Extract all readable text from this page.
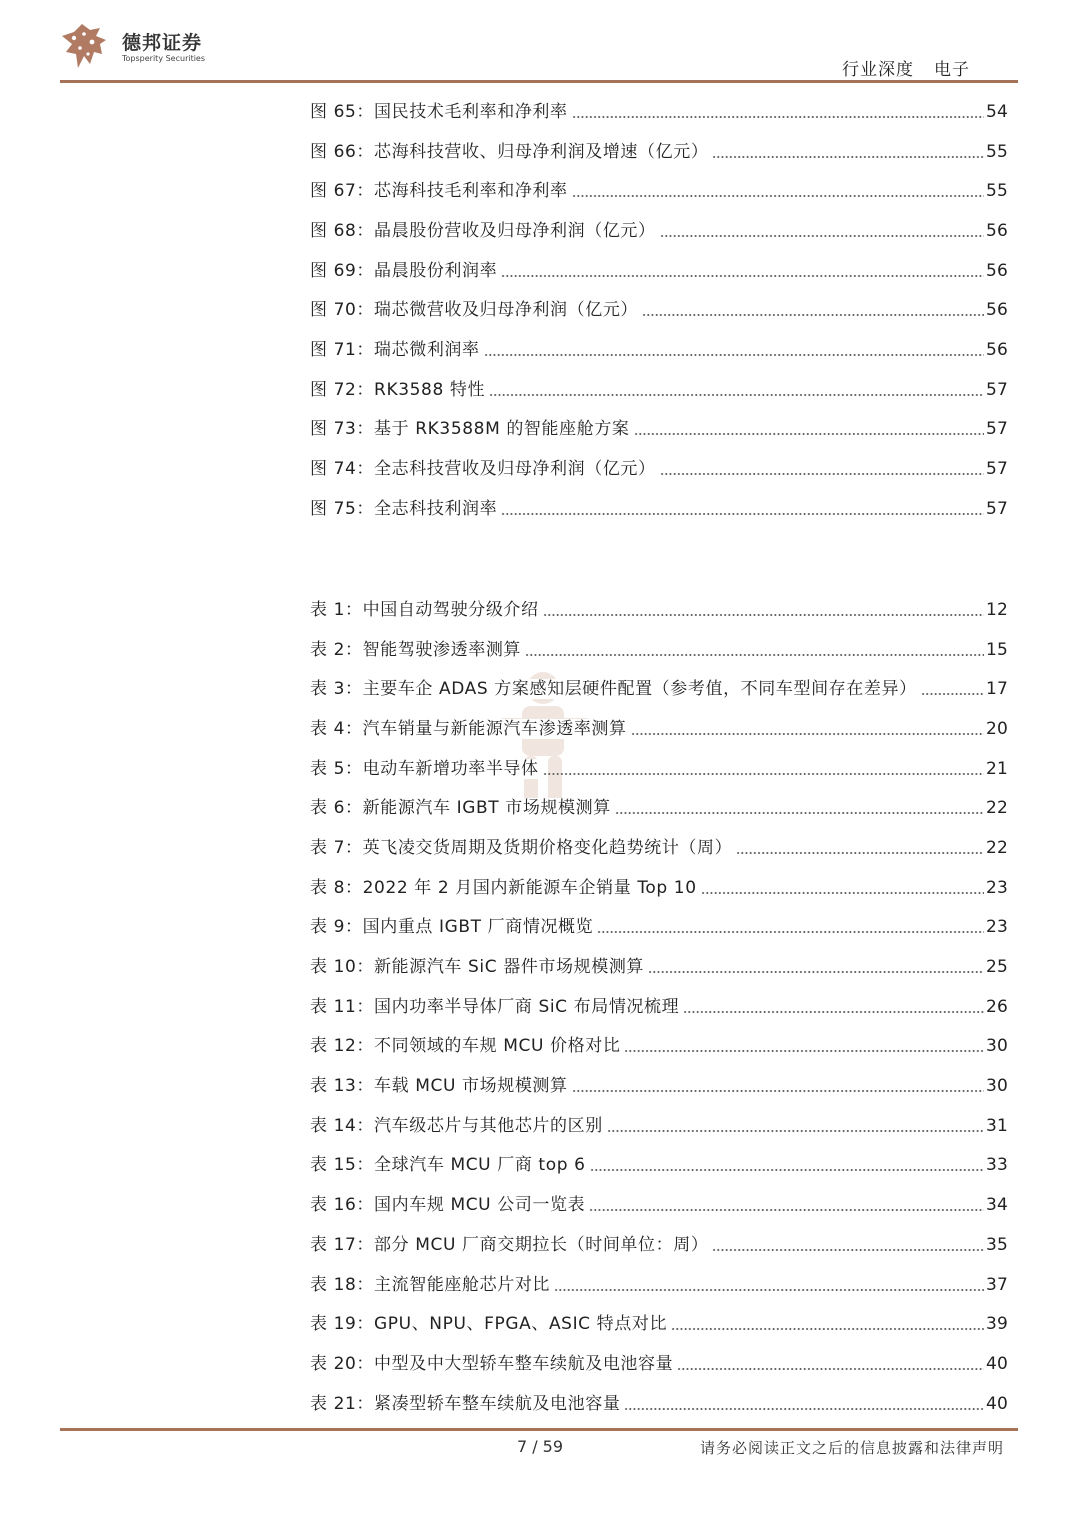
德邦证券
Topsperity Securities
行业深度 电子
图 65：国民技术毛利率和净利率	54
图 66：芯海科技营收、归母净利润及增速（亿元）	55
图 67：芯海科技毛利率和净利率	55
图 68：晶晨股份营收及归母净利润（亿元）	56
图 69：晶晨股份利润率	56
图 70：瑞芯微营收及归母净利润（亿元）	56
图 71：瑞芯微利润率	56
图 72：RK3588 特性	57
图 73：基于 RK3588M 的智能座舱方案	57
图 74：全志科技营收及归母净利润（亿元）	57
图 75：全志科技利润率	57
表 1：中国自动驾驶分级介绍	12
表 2：智能驾驶渗透率测算	15
表 3：主要车企 ADAS 方案感知层硬件配置（参考值，不同车型间存在差异）	17
表 4：汽车销量与新能源汽车渗透率测算	20
表 5：电动车新增功率半导体	21
表 6：新能源汽车 IGBT 市场规模测算	22
表 7：英飞凌交货周期及货期价格变化趋势统计（周）	22
表 8：2022 年 2 月国内新能源车企销量 Top 10	23
表 9：国内重点 IGBT 厂商情况概览	23
表 10：新能源汽车 SiC 器件市场规模测算	25
表 11：国内功率半导体厂商 SiC 布局情况梳理	26
表 12：不同领域的车规 MCU 价格对比	30
表 13：车载 MCU 市场规模测算	30
表 14：汽车级芯片与其他芯片的区别	31
表 15：全球汽车 MCU 厂商 top 6	33
表 16：国内车规 MCU 公司一览表	34
表 17：部分 MCU 厂商交期拉长（时间单位：周）	35
表 18：主流智能座舱芯片对比	37
表 19：GPU、NPU、FPGA、ASIC 特点对比	39
表 20：中型及中大型轿车整车续航及电池容量	40
表 21：紧凑型轿车整车续航及电池容量	40
7 / 59	请务必阅读正文之后的信息披露和法律声明
